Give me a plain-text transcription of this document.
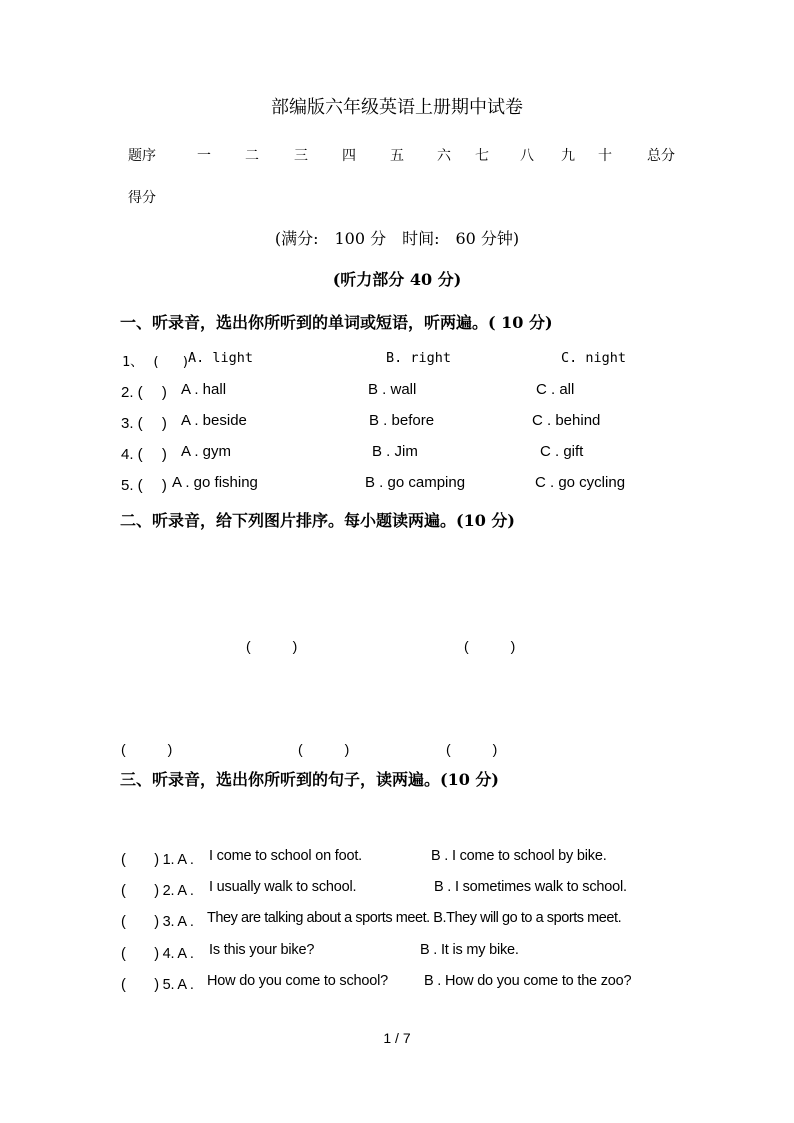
部编版六年级英语上册期中试卷
题序	一 二	三 四 五 六 七 八 九 十	总分
得分
(满分:　100 分　时间:　60 分钟)
(听力部分 40 分)
一、听录音，选出你所听到的单词或短语，听两遍。( 10 分)
1、 (　 )
A. light	B. right	C. night
2. (　 ) A . hall	B . wall	C . all
3. (　 ) A . beside	B . before	C . behind
4. (　 ) A . gym	B . Jim	C . gift
5. (　 ) A . go fishing	B . go camping	C . go cycling
二、听录音，给下列图片排序。每小题读两遍。(10 分)
(　　　)	(　　　)
(　　　)	(　　　)	(　　　)
三、听录音，选出你所听到的句子，读两遍。(10 分)
(　　) 1. A . I come to school on foot.	B . I come to school by bike.
(　　) 2. A . I usually walk to school.	B . I sometimes walk to school.
(　　) 3. A . They are talking about a sports meet. B.They will go to a sports meet.
(　　) 4. A . Is this your bike?	B . It is my bike.
(　　) 5. A . How do you come to school? B . How do you come to the zoo?
1 / 7
